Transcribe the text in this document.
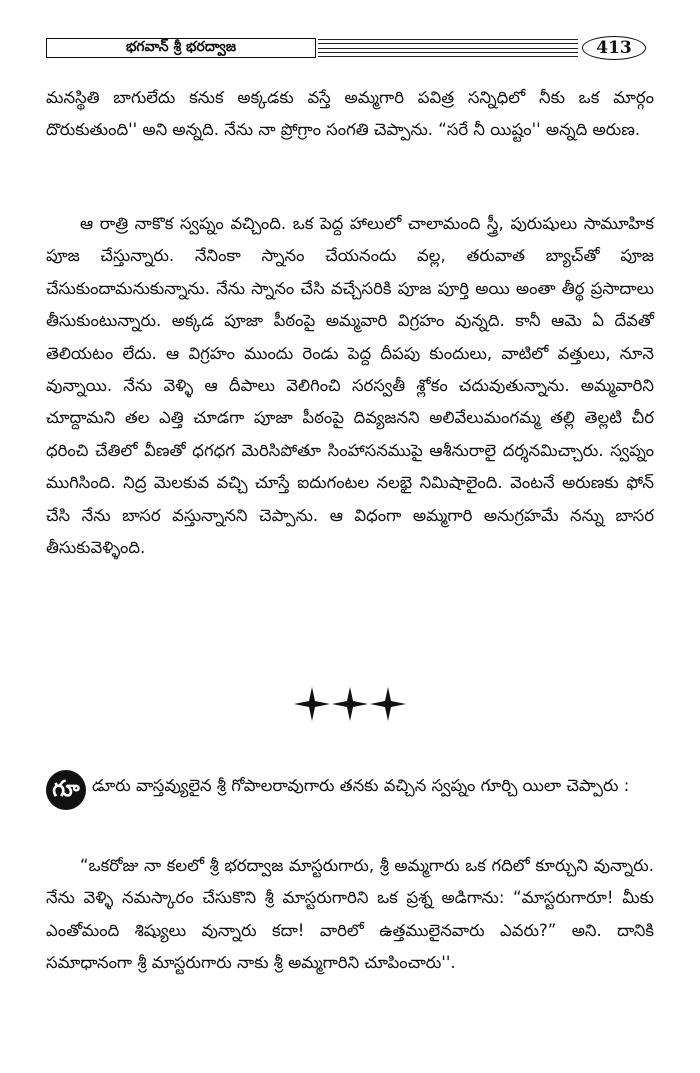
భగవాన్ శ్రీ భరద్వాజ	413

మనస్థితి బాగులేదు కనుక అక్కడకు వస్తే అమ్మగారి పవిత్ర సన్నిధిలో నీకు ఒక మార్గం దొరుకుతుంది'' అని అన్నది. నేను నా ప్రోగ్రాం సంగతి చెప్పాను. “సరే నీ యిష్టం'' అన్నది అరుణ.

ఆ రాత్రి నాకొక స్వప్నం వచ్చింది. ఒక పెద్ద హాలులో చాలామంది స్త్రీ, పురుషులు సామూహిక పూజ చేస్తున్నారు. నేనింకా స్నానం చేయనందు వల్ల, తరువాత బ్యాచ్‌తో పూజ చేసుకుందామనుకున్నాను. నేను స్నానం చేసి వచ్చేసరికి పూజ పూర్తి అయి అంతా తీర్థ ప్రసాదాలు తీసుకుంటున్నారు. అక్కడ పూజా పీఠంపై అమ్మవారి విగ్రహం వున్నది. కానీ ఆమె ఏ దేవతో తెలియటం లేదు. ఆ విగ్రహం ముందు రెండు పెద్ద దీపపు కుందులు, వాటిలో వత్తులు, నూనె వున్నాయి. నేను వెళ్ళి ఆ దీపాలు వెలిగించి సరస్వతీ శ్లోకం చదువుతున్నాను. అమ్మవారిని చూద్దామని తల ఎత్తి చూడగా పూజా పీఠంపై దివ్యజనని అలివేలుమంగమ్మ తల్లి తెల్లటి చీర ధరించి చేతిలో వీణతో ధగధగ మెరిసిపోతూ సింహాసనముపై ఆశీనురాలై దర్శనమిచ్చారు. స్వప్నం ముగిసింది. నిద్ర మెలకువ వచ్చి చూస్తే ఐదుగంటల నలభై నిమిషాలైంది. వెంటనే అరుణకు ఫోన్ చేసి నేను బాసర వస్తున్నానని చెప్పాను. ఆ విధంగా అమ్మగారి అనుగ్రహమే నన్ను బాసర తీసుకువెళ్ళింది.

గూ డూరు వాస్తవ్యులైన శ్రీ గోపాలరావుగారు తనకు వచ్చిన స్వప్నం గూర్చి యిలా చెప్పారు :

“ఒకరోజు నా కలలో శ్రీ భరద్వాజ మాస్టరుగారు, శ్రీ అమ్మగారు ఒక గదిలో కూర్చుని వున్నారు. నేను వెళ్ళి నమస్కారం చేసుకొని శ్రీ మాస్టరుగారిని ఒక ప్రశ్న అడిగాను: “మాస్టరుగారూ! మీకు ఎంతోమంది శిష్యులు వున్నారు కదా! వారిలో ఉత్తములైనవారు ఎవరు?” అని. దానికి సమాధానంగా శ్రీ మాస్టరుగారు నాకు శ్రీ అమ్మగారిని చూపించారు''.
